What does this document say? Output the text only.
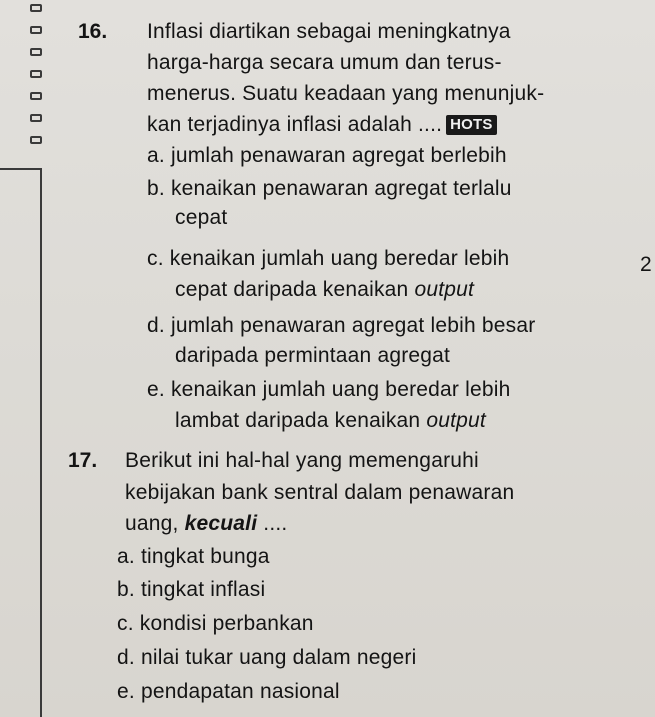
16. Inflasi diartikan sebagai meningkatnya
harga-harga secara umum dan terus-
menerus. Suatu keadaan yang menunjuk-
kan terjadinya inflasi adalah .... HOTS
a. jumlah penawaran agregat berlebih
b. kenaikan penawaran agregat terlalu
cepat
c. kenaikan jumlah uang beredar lebih
cepat daripada kenaikan output
d. jumlah penawaran agregat lebih besar
daripada permintaan agregat
e. kenaikan jumlah uang beredar lebih
lambat daripada kenaikan output
2
17. Berikut ini hal-hal yang memengaruhi
kebijakan bank sentral dalam penawaran
uang, kecuali ....
a. tingkat bunga
b. tingkat inflasi
c. kondisi perbankan
d. nilai tukar uang dalam negeri
e. pendapatan nasional
